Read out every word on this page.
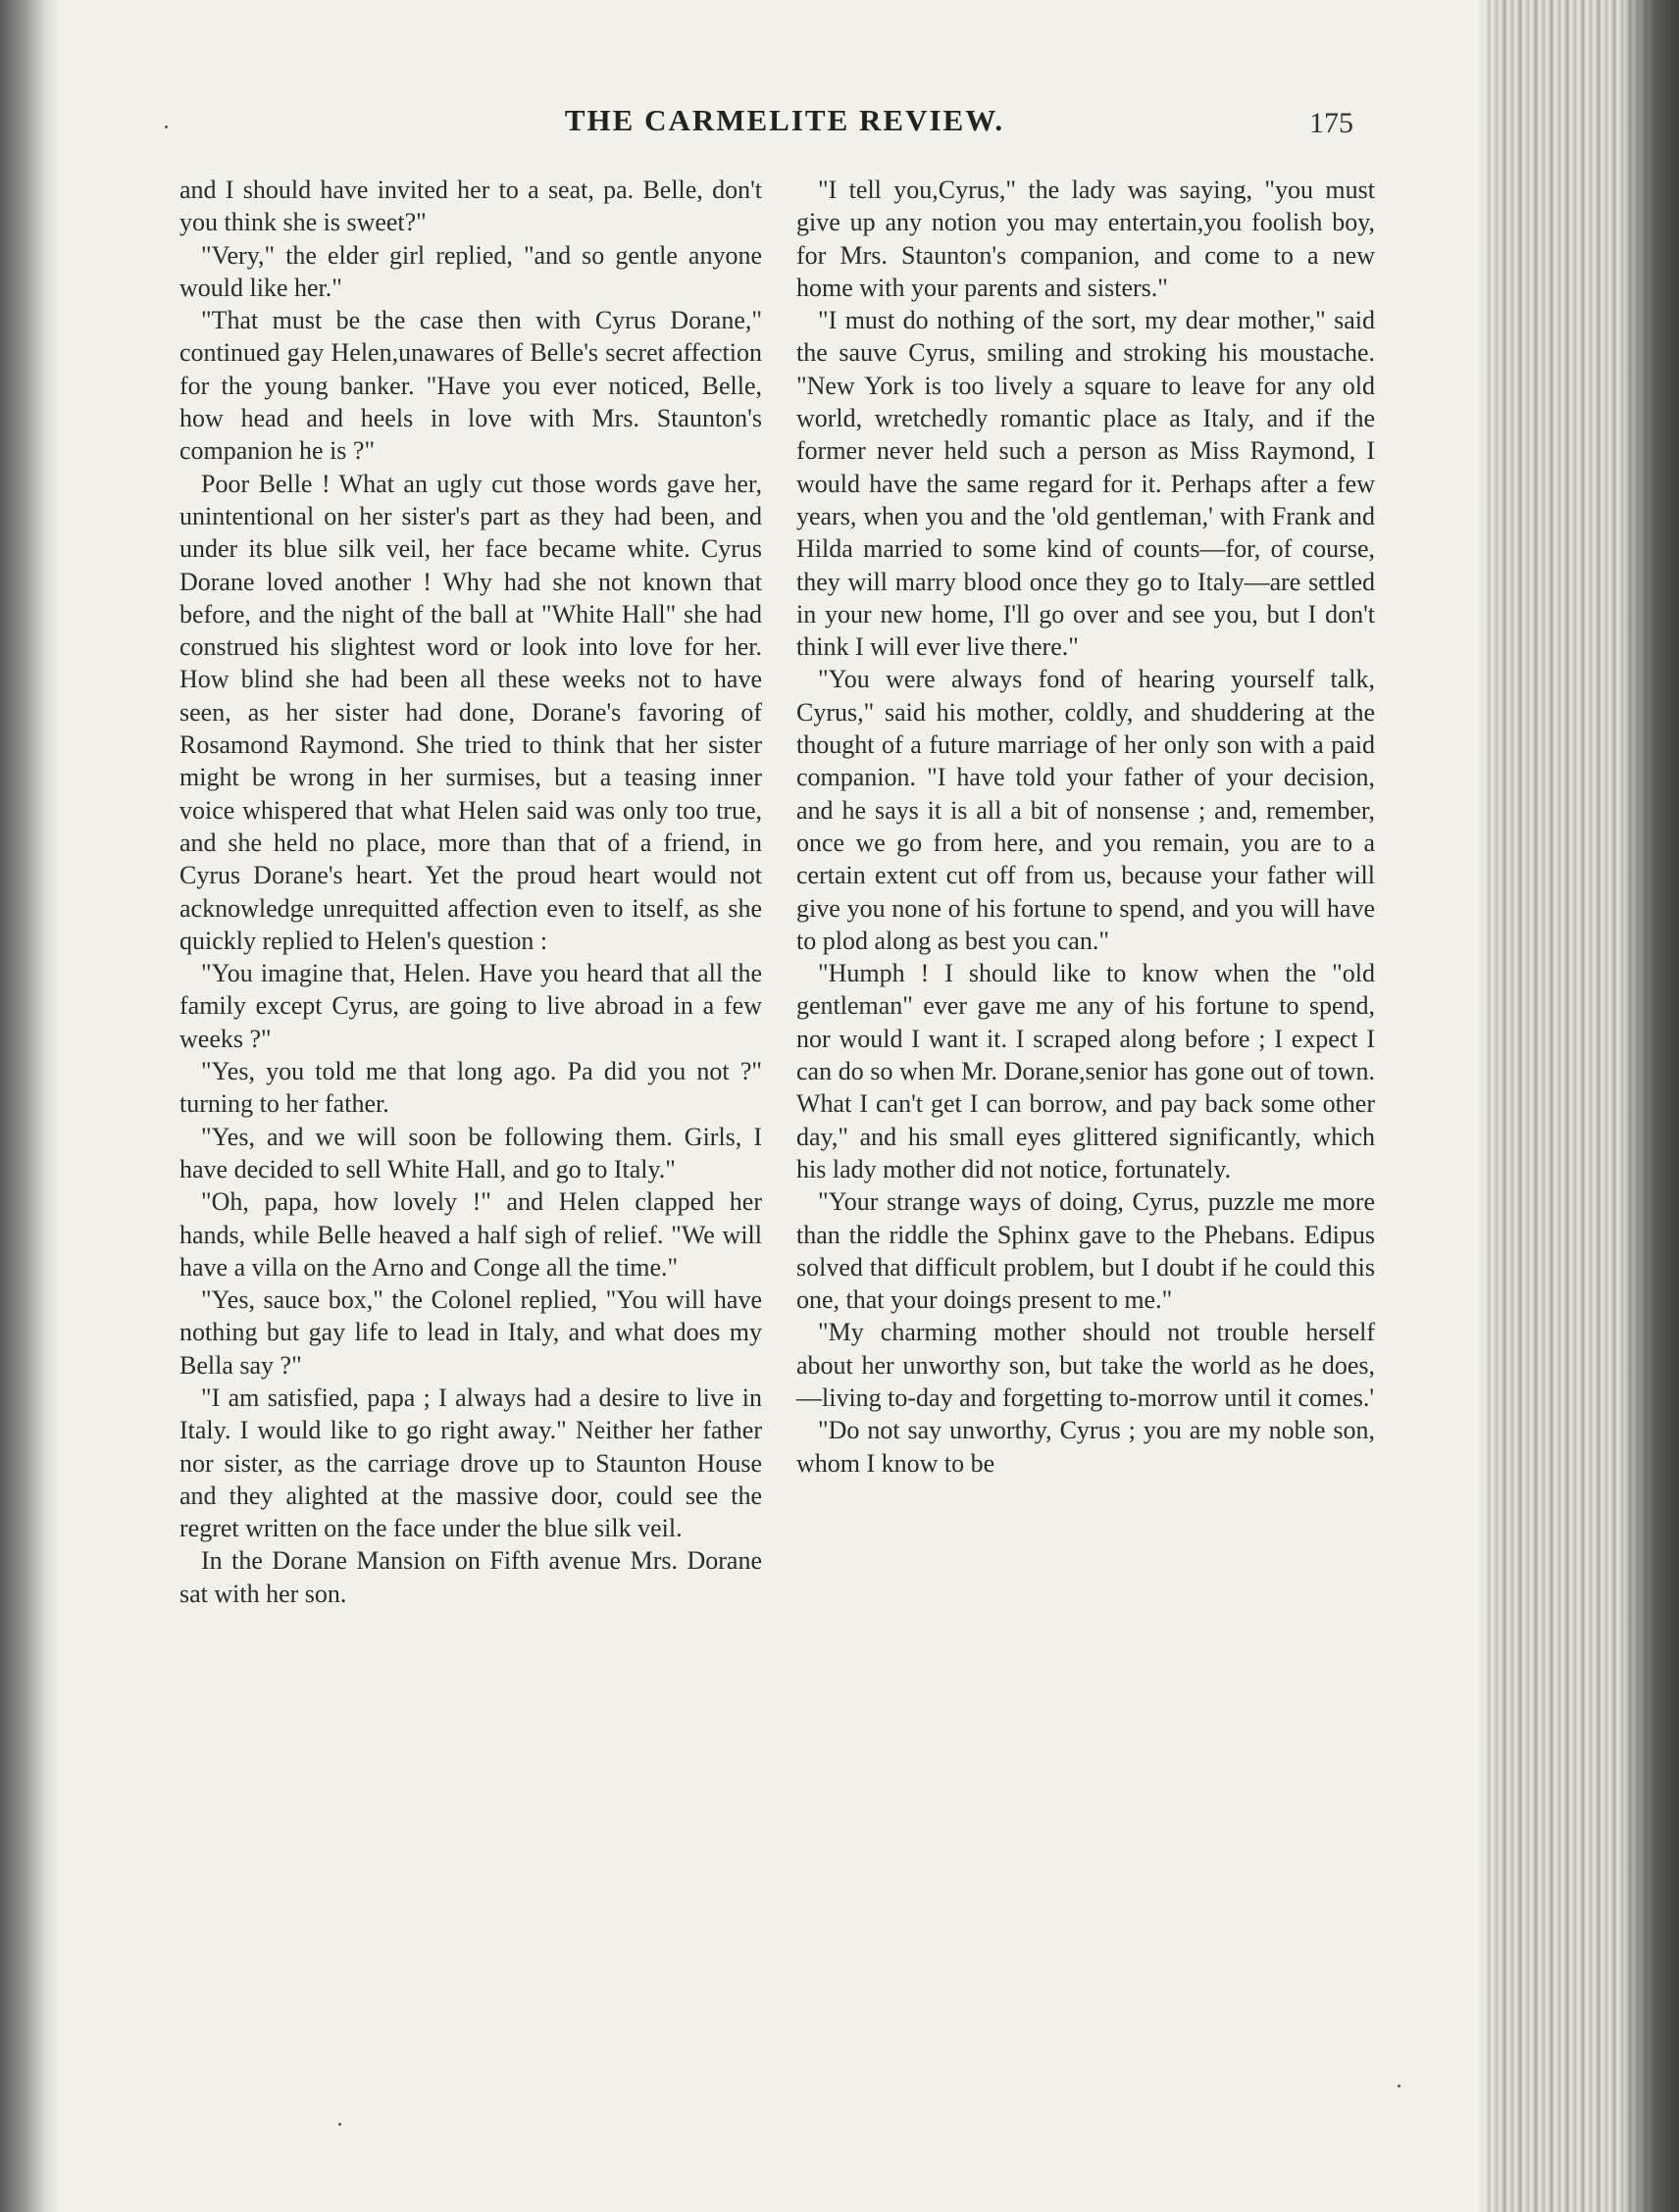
THE CARMELITE REVIEW.	175

and I should have invited her to a seat, pa. Belle, don't you think she is sweet?"

"Very," the elder girl replied, "and so gentle anyone would like her."

"That must be the case then with Cyrus Dorane," continued gay Helen,unawares of Belle's secret affection for the young banker. "Have you ever noticed, Belle, how head and heels in love with Mrs. Staunton's companion he is ?"

Poor Belle ! What an ugly cut those words gave her, unintentional on her sister's part as they had been, and under its blue silk veil, her face became white. Cyrus Dorane loved another ! Why had she not known that before, and the night of the ball at "White Hall" she had construed his slightest word or look into love for her. How blind she had been all these weeks not to have seen, as her sister had done, Dorane's favoring of Rosamond Raymond. She tried to think that her sister might be wrong in her surmises, but a teasing inner voice whispered that what Helen said was only too true, and she held no place, more than that of a friend, in Cyrus Dorane's heart. Yet the proud heart would not acknowledge unrequitted affection even to itself, as she quickly replied to Helen's question :

"You imagine that, Helen. Have you heard that all the family except Cyrus, are going to live abroad in a few weeks ?"

"Yes, you told me that long ago. Pa did you not ?" turning to her father.

"Yes, and we will soon be following them. Girls, I have decided to sell White Hall, and go to Italy."

"Oh, papa, how lovely !" and Helen clapped her hands, while Belle heaved a half sigh of relief. "We will have a villa on the Arno and Conge all the time."

"Yes, sauce box," the Colonel replied, "You will have nothing but gay life to lead in Italy, and what does my Bella say ?"

"I am satisfied, papa ; I always had a desire to live in Italy. I would like to go right away." Neither her father nor sister, as the carriage drove up to Staunton House and they alighted at the massive door, could see the regret written on the face under the blue silk veil.

In the Dorane Mansion on Fifth avenue Mrs. Dorane sat with her son.

"I tell you,Cyrus," the lady was saying, "you must give up any notion you may entertain,you foolish boy, for Mrs. Staunton's companion, and come to a new home with your parents and sisters."

"I must do nothing of the sort, my dear mother," said the sauve Cyrus, smiling and stroking his moustache. "New York is too lively a square to leave for any old world, wretchedly romantic place as Italy, and if the former never held such a person as Miss Raymond, I would have the same regard for it. Perhaps after a few years, when you and the 'old gentleman,' with Frank and Hilda married to some kind of counts—for, of course, they will marry blood once they go to Italy—are settled in your new home, I'll go over and see you, but I don't think I will ever live there."

"You were always fond of hearing yourself talk, Cyrus," said his mother, coldly, and shuddering at the thought of a future marriage of her only son with a paid companion. "I have told your father of your decision, and he says it is all a bit of nonsense ; and, remember, once we go from here, and you remain, you are to a certain extent cut off from us, because your father will give you none of his fortune to spend, and you will have to plod along as best you can."

"Humph ! I should like to know when the "old gentleman" ever gave me any of his fortune to spend, nor would I want it. I scraped along before ; I expect I can do so when Mr. Dorane,senior has gone out of town. What I can't get I can borrow, and pay back some other day," and his small eyes glittered significantly, which his lady mother did not notice, fortunately.

"Your strange ways of doing, Cyrus, puzzle me more than the riddle the Sphinx gave to the Phebans. Edipus solved that difficult problem, but I doubt if he could this one, that your doings present to me."

"My charming mother should not trouble herself about her unworthy son, but take the world as he does,—living to-day and forgetting to-morrow until it comes.'

"Do not say unworthy, Cyrus ; you are my noble son, whom I know to be
